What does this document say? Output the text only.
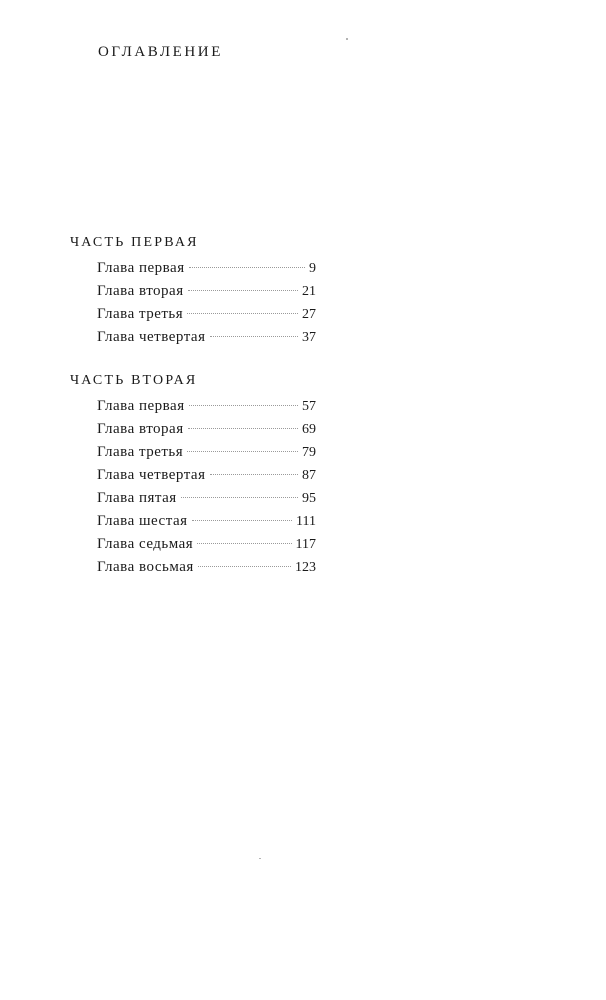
ОГЛАВЛЕНИЕ
ЧАСТЬ ПЕРВАЯ
Глава первая	9
Глава вторая	21
Глава третья	27
Глава четвертая	37
ЧАСТЬ ВТОРАЯ
Глава первая	57
Глава вторая	69
Глава третья	79
Глава четвертая	87
Глава пятая	95
Глава шестая	111
Глава седьмая	117
Глава восьмая	123
